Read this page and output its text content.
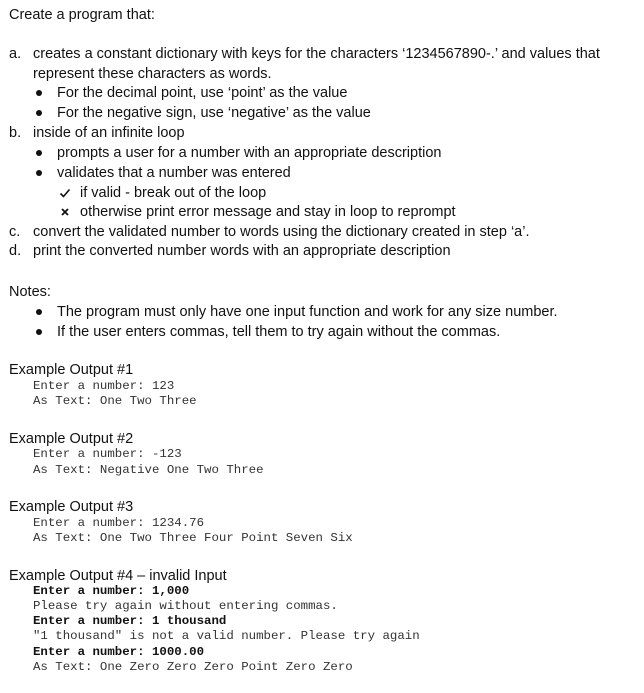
Create a program that:
a. creates a constant dictionary with keys for the characters ‘1234567890-.’ and values that
represent these characters as words.
For the decimal point, use ‘point’ as the value
For the negative sign, use ‘negative’ as the value
b. inside of an infinite loop
prompts a user for a number with an appropriate description
validates that a number was entered
if valid - break out of the loop
otherwise print error message and stay in loop to reprompt
c. convert the validated number to words using the dictionary created in step ‘a’.
d. print the converted number words with an appropriate description
Notes:
The program must only have one input function and work for any size number.
If the user enters commas, tell them to try again without the commas.
Example Output #1
Enter a number: 123
As Text: One Two Three
Example Output #2
Enter a number: -123
As Text: Negative One Two Three
Example Output #3
Enter a number: 1234.76
As Text: One Two Three Four Point Seven Six
Example Output #4 – invalid Input
Enter a number: 1,000
Please try again without entering commas.
Enter a number: 1 thousand
"1 thousand" is not a valid number. Please try again
Enter a number: 1000.00
As Text: One Zero Zero Zero Point Zero Zero
